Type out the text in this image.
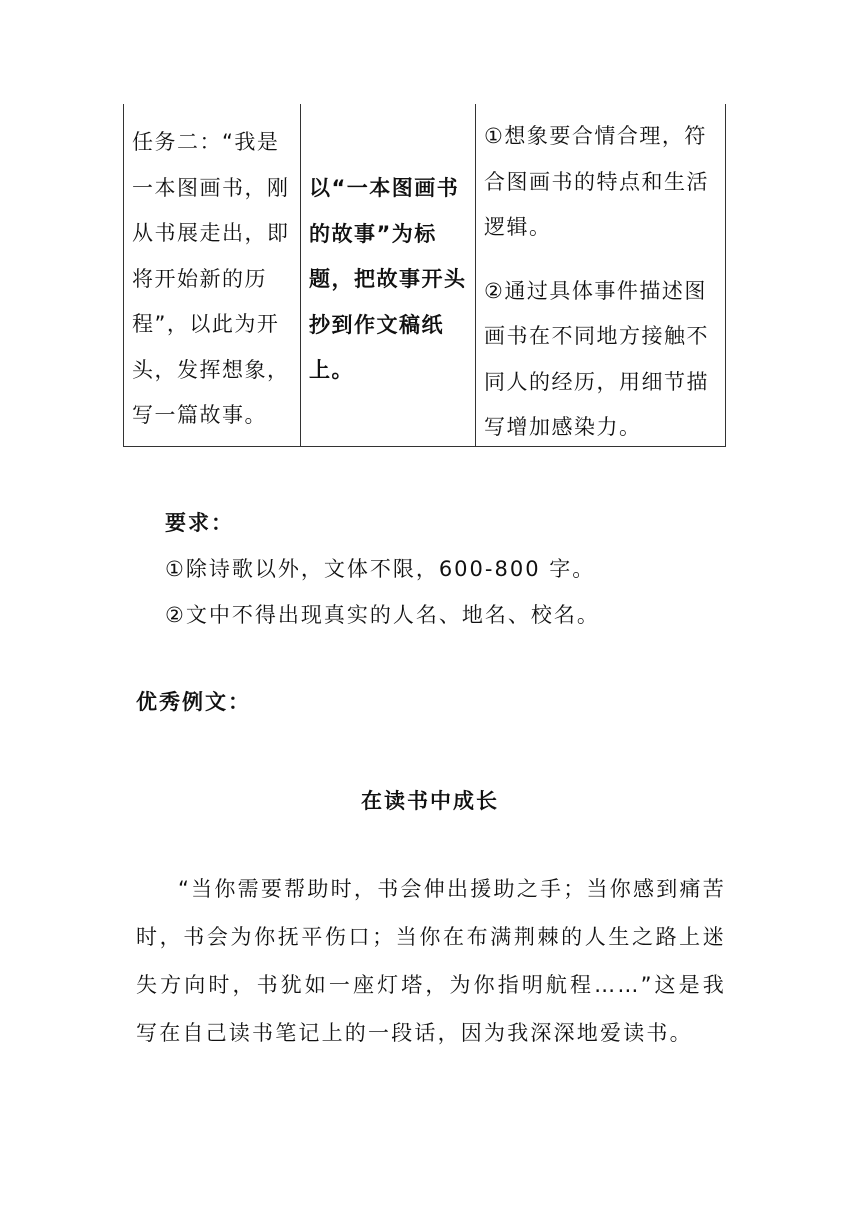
任务二：“我是一本图画书，刚从书展走出，即将开始新的历程”，以此为开头，发挥想象，写一篇故事。
以“一本图画书的故事”为标题，把故事开头抄到作文稿纸上。
①想象要合情合理，符合图画书的特点和生活逻辑。
②通过具体事件描述图画书在不同地方接触不同人的经历，用细节描写增加感染力。
要求：
①除诗歌以外，文体不限，600-800 字。
②文中不得出现真实的人名、地名、校名。
优秀例文：
在读书中成长
“当你需要帮助时，书会伸出援助之手；当你感到痛苦时，书会为你抚平伤口；当你在布满荆棘的人生之路上迷失方向时，书犹如一座灯塔，为你指明航程……”这是我写在自己读书笔记上的一段话，因为我深深地爱读书。
